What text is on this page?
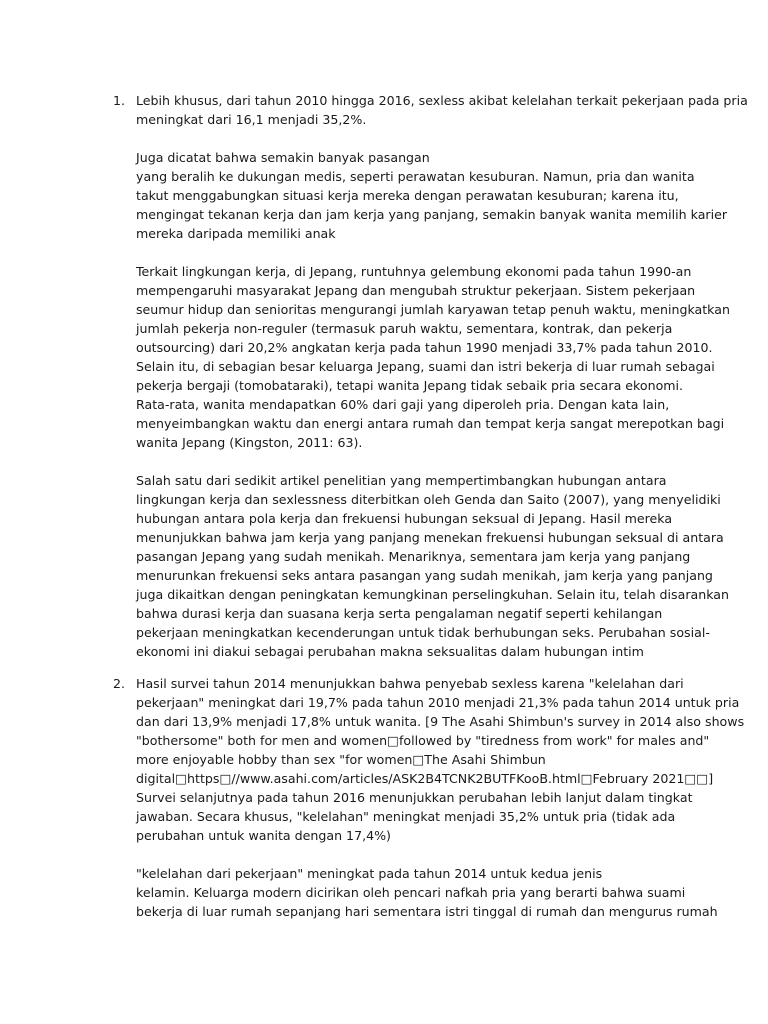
1. Lebih khusus, dari tahun 2010 hingga 2016, sexless akibat kelelahan terkait pekerjaan pada pria
meningkat dari 16,1 menjadi 35,2%.
Juga dicatat bahwa semakin banyak pasangan
yang beralih ke dukungan medis, seperti perawatan kesuburan. Namun, pria dan wanita
takut menggabungkan situasi kerja mereka dengan perawatan kesuburan; karena itu,
mengingat tekanan kerja dan jam kerja yang panjang, semakin banyak wanita memilih karier
mereka daripada memiliki anak
Terkait lingkungan kerja, di Jepang, runtuhnya gelembung ekonomi pada tahun 1990-an
mempengaruhi masyarakat Jepang dan mengubah struktur pekerjaan. Sistem pekerjaan
seumur hidup dan senioritas mengurangi jumlah karyawan tetap penuh waktu, meningkatkan
jumlah pekerja non-reguler (termasuk paruh waktu, sementara, kontrak, dan pekerja
outsourcing) dari 20,2% angkatan kerja pada tahun 1990 menjadi 33,7% pada tahun 2010.
Selain itu, di sebagian besar keluarga Jepang, suami dan istri bekerja di luar rumah sebagai
pekerja bergaji (tomobataraki), tetapi wanita Jepang tidak sebaik pria secara ekonomi.
Rata-rata, wanita mendapatkan 60% dari gaji yang diperoleh pria. Dengan kata lain,
menyeimbangkan waktu dan energi antara rumah dan tempat kerja sangat merepotkan bagi
wanita Jepang (Kingston, 2011: 63).
Salah satu dari sedikit artikel penelitian yang mempertimbangkan hubungan antara
lingkungan kerja dan sexlessness diterbitkan oleh Genda dan Saito (2007), yang menyelidiki
hubungan antara pola kerja dan frekuensi hubungan seksual di Jepang. Hasil mereka
menunjukkan bahwa jam kerja yang panjang menekan frekuensi hubungan seksual di antara
pasangan Jepang yang sudah menikah. Menariknya, sementara jam kerja yang panjang
menurunkan frekuensi seks antara pasangan yang sudah menikah, jam kerja yang panjang
juga dikaitkan dengan peningkatan kemungkinan perselingkuhan. Selain itu, telah disarankan
bahwa durasi kerja dan suasana kerja serta pengalaman negatif seperti kehilangan
pekerjaan meningkatkan kecenderungan untuk tidak berhubungan seks. Perubahan sosial-
ekonomi ini diakui sebagai perubahan makna seksualitas dalam hubungan intim
2. Hasil survei tahun 2014 menunjukkan bahwa penyebab sexless karena "kelelahan dari
pekerjaan" meningkat dari 19,7% pada tahun 2010 menjadi 21,3% pada tahun 2014 untuk pria
dan dari 13,9% menjadi 17,8% untuk wanita. [9 The Asahi Shimbun's survey in 2014 also shows
"bothersome" both for men and women□followed by "tiredness from work" for males and"
more enjoyable hobby than sex "for women□The Asahi Shimbun
digital□https□//www.asahi.com/articles/ASK2B4TCNK2BUTFKooB.html□February 2021□□]
Survei selanjutnya pada tahun 2016 menunjukkan perubahan lebih lanjut dalam tingkat
jawaban. Secara khusus, "kelelahan" meningkat menjadi 35,2% untuk pria (tidak ada
perubahan untuk wanita dengan 17,4%)
"kelelahan dari pekerjaan" meningkat pada tahun 2014 untuk kedua jenis
kelamin. Keluarga modern dicirikan oleh pencari nafkah pria yang berarti bahwa suami
bekerja di luar rumah sepanjang hari sementara istri tinggal di rumah dan mengurus rumah
